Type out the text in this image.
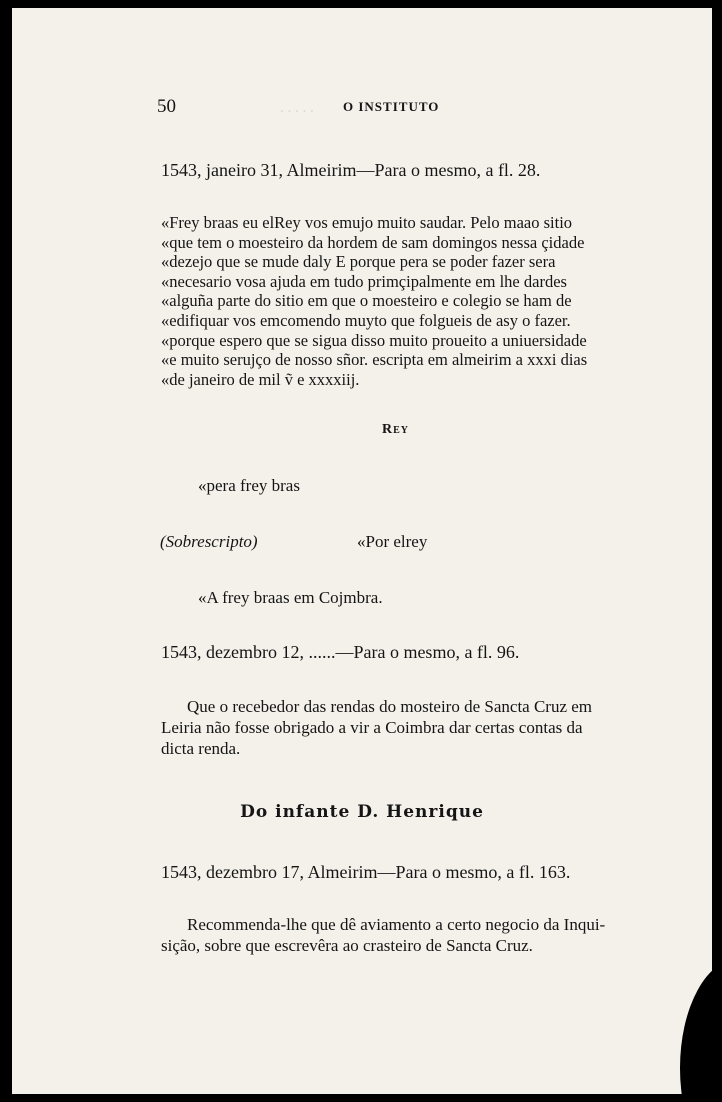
. . . . .
50	O INSTITUTO
1543, janeiro 31, Almeirim—Para o mesmo, a fl. 28.
«Frey braas eu elRey vos emujo muito saudar. Pelo maao sitio
«que tem o moesteiro da hordem de sam domingos nessa çidade
«dezejo que se mude daly E porque pera se poder fazer sera
«necesario vosa ajuda em tudo primçipalmente em lhe dardes
«alguña parte do sitio em que o moesteiro e colegio se ham de
«edifiquar vos emcomendo muyto que folgueis de asy o fazer.
«porque espero que se sigua disso muito proueito a uniuersidade
«e muito serujço de nosso sñor. escripta em almeirim a xxxi dias
«de janeiro de mil ṽ e xxxxiij.
Rey
«pera frey bras
(Sobrescripto)	«Por elrey
«A frey braas em Cojmbra.
1543, dezembro 12, ......—Para o mesmo, a fl. 96.
Que o recebedor das rendas do mosteiro de Sancta Cruz em
Leiria não fosse obrigado a vir a Coimbra dar certas contas da
dicta renda.
Do infante D. Henrique
1543, dezembro 17, Almeirim—Para o mesmo, a fl. 163.
Recommenda-lhe que dê aviamento a certo negocio da Inqui-
sição, sobre que escrevêra ao crasteiro de Sancta Cruz.
